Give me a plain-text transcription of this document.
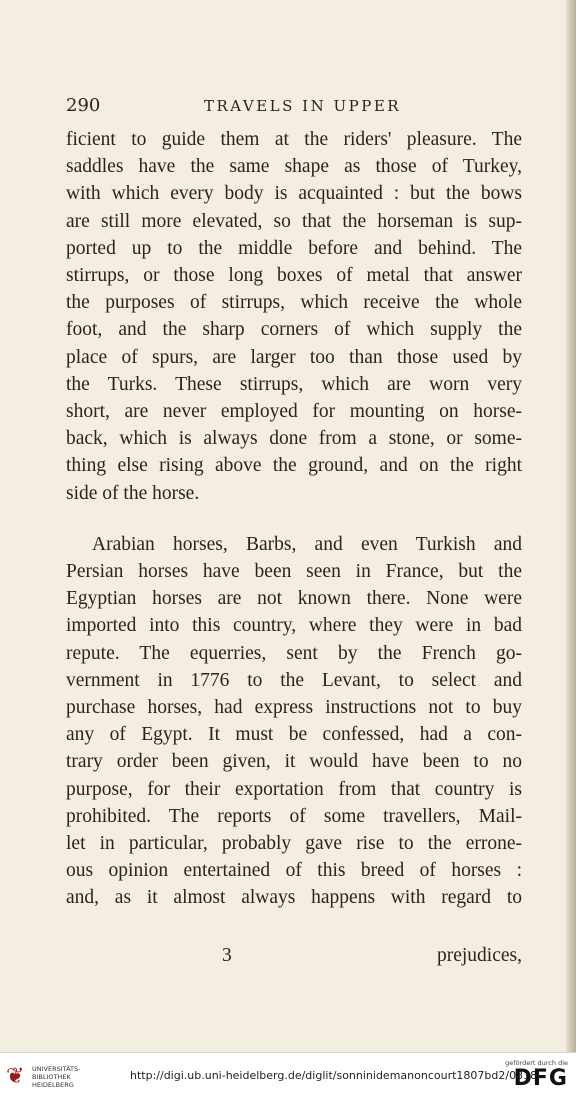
290	TRAVELS IN UPPER

ficient to guide them at the riders' pleasure. The
saddles have the same shape as those of Turkey,
with which every body is acquainted : but the bows
are still more elevated, so that the horseman is sup-
ported up to the middle before and behind. The
stirrups, or those long boxes of metal that answer
the purposes of stirrups, which receive the whole
foot, and the sharp corners of which supply the
place of spurs, are larger too than those used by
the Turks. These stirrups, which are worn very
short, are never employed for mounting on horse-
back, which is always done from a stone, or some-
thing else rising above the ground, and on the right
side of the horse.

Arabian horses, Barbs, and even Turkish and
Persian horses have been seen in France, but the
Egyptian horses are not known there. None were
imported into this country, where they were in bad
repute. The equerries, sent by the French go-
vernment in 1776 to the Levant, to select and
purchase horses, had express instructions not to buy
any of Egypt. It must be confessed, had a con-
trary order been given, it would have been to no
purpose, for their exportation from that country is
prohibited. The reports of some travellers, Mail-
let in particular, probably gave rise to the errone-
ous opinion entertained of this breed of horses :
and, as it almost always happens with regard to

3	prejudices,
❦	UNIVERSITÄTS-
BIBLIOTHEK
HEIDELBERG
http://digi.ub.uni-heidelberg.de/diglit/sonninidemanoncourt1807bd2/0318
gefördert durch die
DFG
